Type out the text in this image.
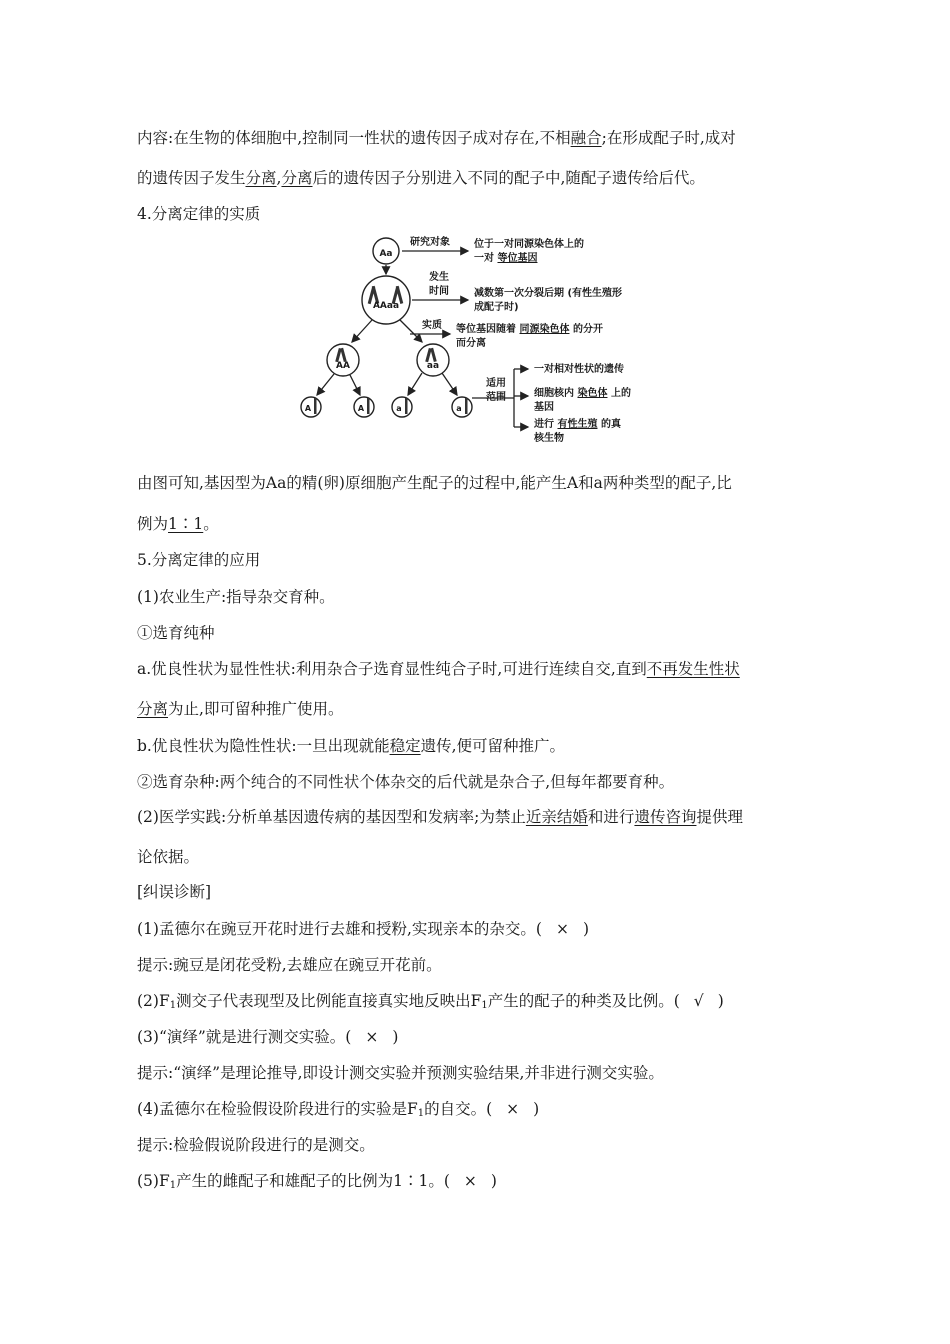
内容:在生物的体细胞中,控制同一性状的遗传因子成对存在,不相融合;在形成配子时,成对
的遗传因子发生分离,分离后的遗传因子分别进入不同的配子中,随配子遗传给后代。
4.分离定律的实质
Aa
AAaa
AA	aa
A	A	a	a
研究对象 位于一对同源染色体上的
一对 等位基因
发生
时间	减数第一次分裂后期 (有性生殖形
成配子时)
实质 等位基因随着 同源染色体 的分开
而分离
适用
范围
一对相对性状的遗传
细胞核内 染色体 上的
基因
进行 有性生殖 的真
核生物
由图可知,基因型为Aa的精(卵)原细胞产生配子的过程中,能产生A和a两种类型的配子,比
例为1∶1。
5.分离定律的应用
(1)农业生产:指导杂交育种。
①选育纯种
a.优良性状为显性性状:利用杂合子选育显性纯合子时,可进行连续自交,直到不再发生性状
分离为止,即可留种推广使用。
b.优良性状为隐性性状:一旦出现就能稳定遗传,便可留种推广。
②选育杂种:两个纯合的不同性状个体杂交的后代就是杂合子,但每年都要育种。
(2)医学实践:分析单基因遗传病的基因型和发病率;为禁止近亲结婚和进行遗传咨询提供理
论依据。
[纠误诊断]
(1)孟德尔在豌豆开花时进行去雄和授粉,实现亲本的杂交。( × )
提示:豌豆是闭花受粉,去雄应在豌豆开花前。
$(2)F_1$测交子代表现型及比例能直接真实地反映出$F_1$产生的配子的种类及比例。( √ )
(3)“演绎”就是进行测交实验。( × )
提示:“演绎”是理论推导,即设计测交实验并预测实验结果,并非进行测交实验。
(4)孟德尔在检验假设阶段进行的实验是$F_1$的自交。( × )
提示:检验假说阶段进行的是测交。
$(5)F_1$产生的雌配子和雄配子的比例为1∶1。( × )
